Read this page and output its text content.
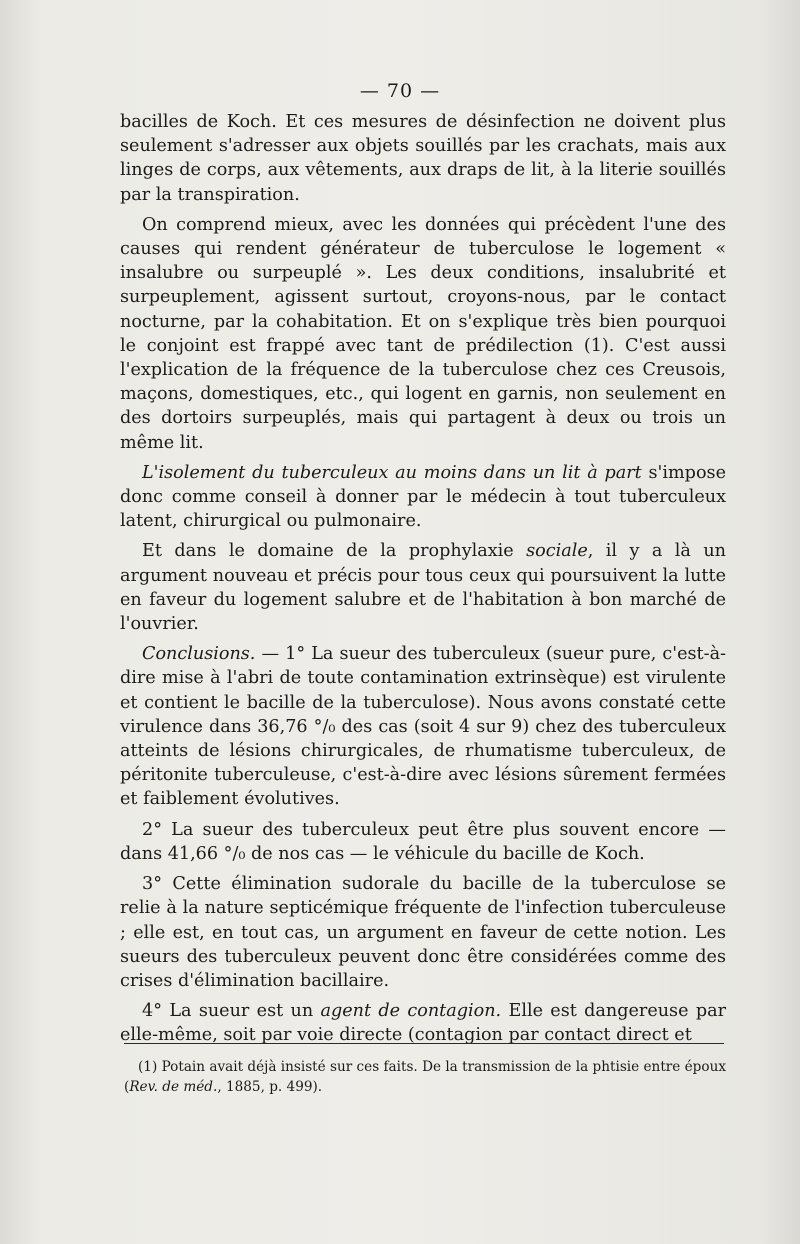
— 70 —

bacilles de Koch. Et ces mesures de désinfection ne doivent plus seulement s'adresser aux objets souillés par les crachats, mais aux linges de corps, aux vêtements, aux draps de lit, à la literie souillés par la transpiration.

On comprend mieux, avec les données qui précèdent l'une des causes qui rendent générateur de tuberculose le logement « insalubre ou surpeuplé ». Les deux conditions, insalubrité et surpeuplement, agissent surtout, croyons-nous, par le contact nocturne, par la cohabitation. Et on s'explique très bien pourquoi le conjoint est frappé avec tant de prédilection (1). C'est aussi l'explication de la fréquence de la tuberculose chez ces Creusois, maçons, domestiques, etc., qui logent en garnis, non seulement en des dortoirs surpeuplés, mais qui partagent à deux ou trois un même lit.

L'isolement du tuberculeux au moins dans un lit à part s'impose donc comme conseil à donner par le médecin à tout tuberculeux latent, chirurgical ou pulmonaire.

Et dans le domaine de la prophylaxie sociale, il y a là un argument nouveau et précis pour tous ceux qui poursuivent la lutte en faveur du logement salubre et de l'habitation à bon marché de l'ouvrier.

Conclusions. — 1° La sueur des tuberculeux (sueur pure, c'est-à-dire mise à l'abri de toute contamination extrinsèque) est virulente et contient le bacille de la tuberculose). Nous avons constaté cette virulence dans 36,76 °/₀ des cas (soit 4 sur 9) chez des tuberculeux atteints de lésions chirurgicales, de rhumatisme tuberculeux, de péritonite tuberculeuse, c'est-à-dire avec lésions sûrement fermées et faiblement évolutives.

2° La sueur des tuberculeux peut être plus souvent encore — dans 41,66 °/₀ de nos cas — le véhicule du bacille de Koch.

3° Cette élimination sudorale du bacille de la tuberculose se relie à la nature septicémique fréquente de l'infection tuberculeuse ; elle est, en tout cas, un argument en faveur de cette notion. Les sueurs des tuberculeux peuvent donc être considérées comme des crises d'élimination bacillaire.

4° La sueur est un agent de contagion. Elle est dangereuse par elle-même, soit par voie directe (contagion par contact direct et

(1) Potain avait déjà insisté sur ces faits. De la transmission de la phtisie entre époux (Rev. de méd., 1885, p. 499).
